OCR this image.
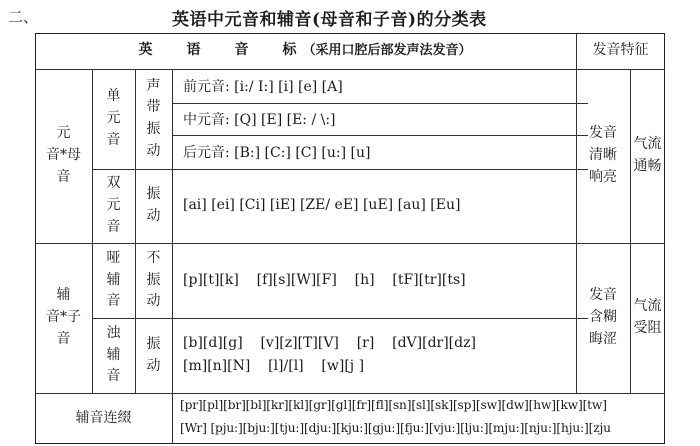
二、	英语中元音和辅音(母音和子音)的分类表
英 语 音 标 （采用口腔后部发声法发音）	发音特征
元
音*母
音
单
元
音
声
带
振
动
前元音: [i:/ I:] [i] [e] [A]
中元音: [Q] [E] [E: / \:]
后元音: [B:] [C:] [C] [u:] [u]
双
元
音
振
动
[ai] [ei] [Ci] [iE] [ZE/ eE] [uE] [au] [Eu]
发音
清晰
响亮
气流
通畅
辅
音*子
音
哑
辅
音
不
振
动
[p][t][k]    [f][s][W][F]    [h]    [tF][tr][ts]
浊
辅
音
振
动
[b][d][g]    [v][z][T][V]    [r]    [dV][dr][dz]
[m][n][N]    [l]/[l]    [w][j ]
发音
含糊
晦涩
气流
受阻
辅音连缀
[pr][pl][br][bl][kr][kl][gr][gl][fr][fl][sn][sl][sk][sp][sw][dw][hw][kw][tw]
[Wr] [pju:][bju:][tju:][dju:][kju:][gju:][fju:][vju:][lju:][mju:][nju:][hju:][zju
